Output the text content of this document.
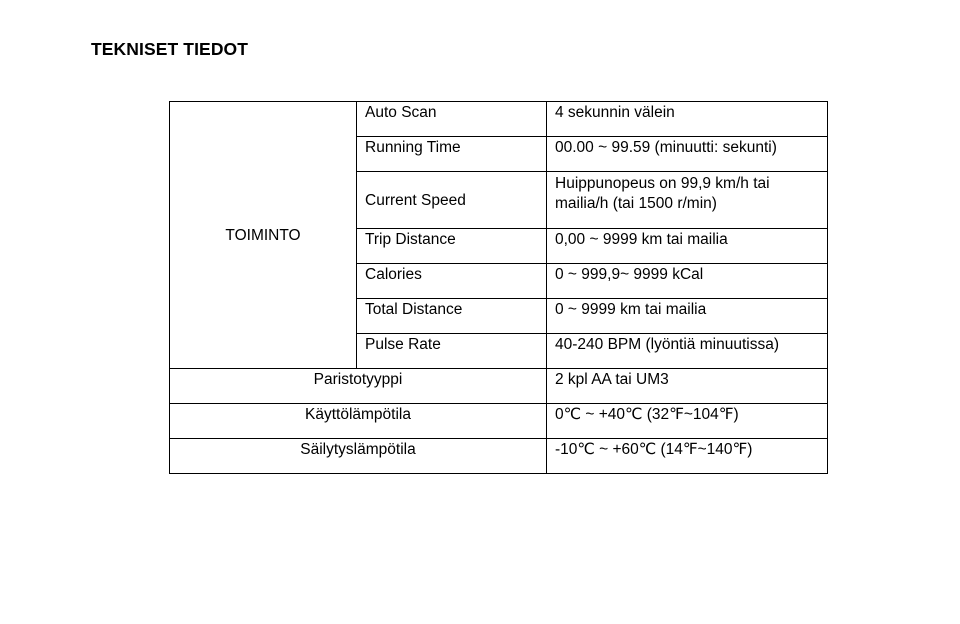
TEKNISET TIEDOT
TOIMINTO	Auto Scan	4 sekunnin välein
	Running Time	00.00 ~ 99.59 (minuutti: sekunti)
	Current Speed	Huippunopeus on 99,9 km/h tai
mailia/h (tai 1500 r/min)
	Trip Distance	0,00 ~ 9999 km tai mailia
	Calories	0 ~ 999,9~ 9999 kCal
	Total Distance	0 ~ 9999 km tai mailia
	Pulse Rate	40-240 BPM (lyöntiä minuutissa)
Paristotyyppi		2 kpl AA tai UM3
Käyttölämpötila		0℃ ~ +40℃ (32℉~104℉)
Säilytyslämpötila		-10℃ ~ +60℃ (14℉~140℉)
